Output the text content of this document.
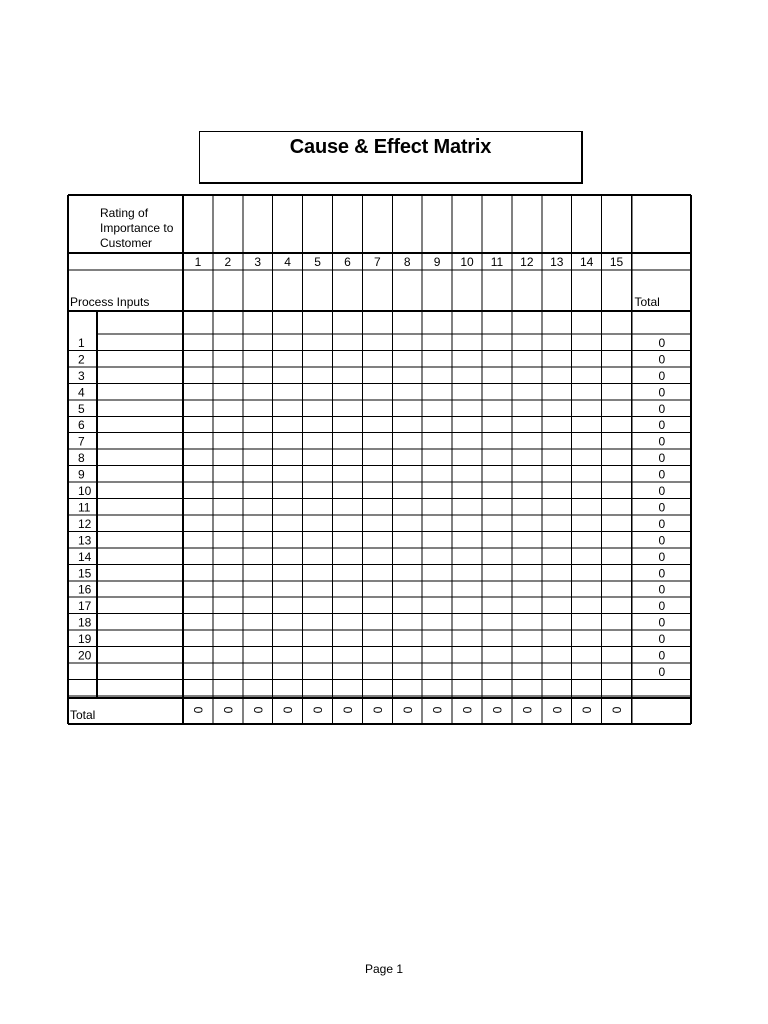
Cause & Effect Matrix
Rating of
Importance to
Customer
1 2 3 4 5 6 7 8 9 10 11 12 13 14 15
Process Inputs	Total
1
2
3
4
5
6
7
8
9
10
11
12
13
14
15
16
17
18
19
20
0
0
0
0
0
0
0
0
0
0
0
0
0
0
0
0
0
0
0
0
0
Total	0 0 0 0 0 0 0 0 0 0 0 0 0 0 0
Page 1
